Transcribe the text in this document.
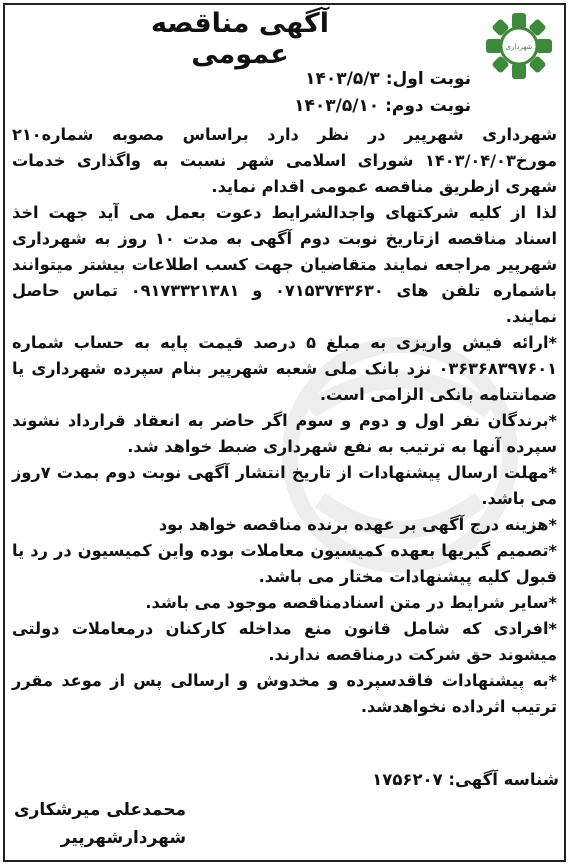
آگهی مناقصه عمومی	شهرداری
نوبت اول: ۱۴۰۳/۵/۳
نوبت دوم: ۱۴۰۳/۵/۱۰

شهرداری شهرپیر در نظر دارد براساس مصوبه شماره۲۱۰ مورخ۱۴۰۳/۰۴/۰۳ شورای اسلامی شهر نسبت به واگذاری خدمات شهری ازطریق مناقصه عمومی اقدام نماید.

لذا از کلیه شرکتهای واجدالشرایط دعوت بعمل می آید جهت اخذ اسناد مناقصه ازتاریخ نوبت دوم آگهی به مدت ۱۰ روز به شهرداری شهرپیر مراجعه نمایند متقاضیان جهت کسب اطلاعات بیشتر میتوانند باشماره تلفن های ۰۷۱۵۳۷۴۳۶۳۰ و ۰۹۱۷۳۳۲۱۳۸۱ تماس حاصل نمایند.

*ارائه فیش واریزی به مبلغ ۵ درصد قیمت پایه به حساب شماره ۰۳۶۳۶۸۳۹۷۶۰۱ نزد بانک ملی شعبه شهرپیر بنام سپرده شهرداری یا ضمانتنامه بانکی الزامی است.

*برندگان نفر اول و دوم و سوم اگر حاضر به انعقاد قرارداد نشوند سپرده آنها به ترتیب به نفع شهرداری ضبط خواهد شد.

*مهلت ارسال پیشنهادات از تاریخ انتشار آگهی نوبت دوم بمدت ۷روز می باشد.

*هزینه درج آگهی بر عهده برنده مناقصه خواهد بود

*تصمیم گیریها بعهده کمیسیون معاملات بوده واین کمیسیون در رد یا قبول کلیه پیشنهادات مختار می باشد.

*سایر شرایط در متن اسنادمناقصه موجود می باشد.

*افرادی که شامل قانون منع مداخله کارکنان درمعاملات دولتی میشوند حق شرکت درمناقصه ندارند.

*به پیشنهادات فاقدسپرده و مخدوش و ارسالی پس از موعد مقرر ترتیب اثرداده نخواهدشد.

شناسه آگهی: ۱۷۵۶۲۰۷
محمدعلی میرشکاری
شهردارشهرپیر
